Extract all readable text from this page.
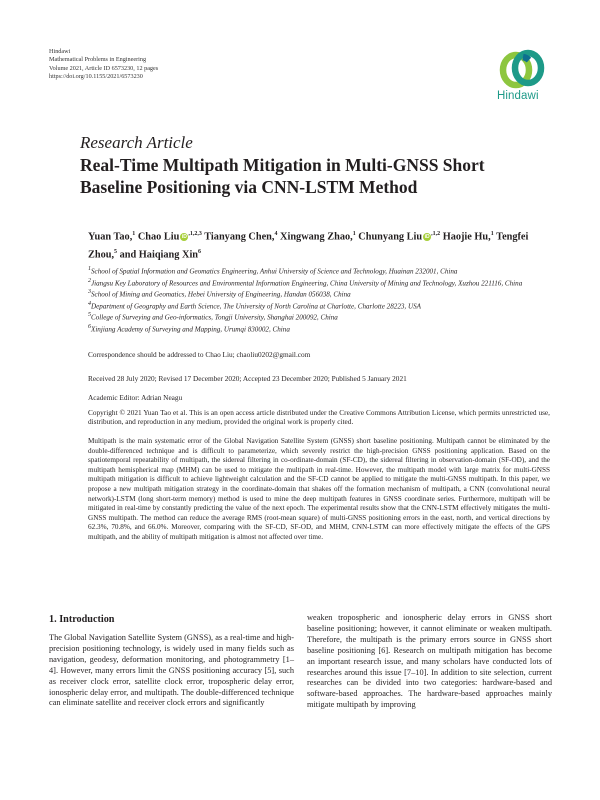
Hindawi
Mathematical Problems in Engineering
Volume 2021, Article ID 6573230, 12 pages
https://doi.org/10.1155/2021/6573230
Hindawi
Research Article
Real-Time Multipath Mitigation in Multi-GNSS Short Baseline Positioning via CNN-LSTM Method
Yuan Tao,$^1$ Chao Liu $iD^{,1,2,3}$ Tianyang Chen,$^4$ Xingwang Zhao,$^1$ Chunyang Liu $iD^{,1,2}$ Haojie Hu,$^1$ Tengfei Zhou,$^5$ and Haiqiang Xin$^6$

$^1$School of Spatial Information and Geomatics Engineering, Anhui University of Science and Technology, Huainan 232001, China

$^2$Jiangsu Key Laboratory of Resources and Environmental Information Engineering, China University of Mining and Technology, Xuzhou 221116, China

$^3$School of Mining and Geomatics, Hebei University of Engineering, Handan 056038, China

$^4$Department of Geography and Earth Science, The University of North Carolina at Charlotte, Charlotte 28223, USA

$^5$College of Surveying and Geo-informatics, Tongji University, Shanghai 200092, China

$^6$Xinjiang Academy of Surveying and Mapping, Urumqi 830002, China

Correspondence should be addressed to Chao Liu; chaoliu0202@gmail.com
Received 28 July 2020; Revised 17 December 2020; Accepted 23 December 2020; Published 5 January 2021
Academic Editor: Adrian Neagu
Copyright © 2021 Yuan Tao et al. This is an open access article distributed under the Creative Commons Attribution License, which permits unrestricted use, distribution, and reproduction in any medium, provided the original work is properly cited.

Multipath is the main systematic error of the Global Navigation Satellite System (GNSS) short baseline positioning. Multipath cannot be eliminated by the double-differenced technique and is difficult to parameterize, which severely restrict the high-precision GNSS positioning application. Based on the spatiotemporal repeatability of multipath, the sidereal filtering in co-ordinate-domain (SF-CD), the sidereal filtering in observation-domain (SF-OD), and the multipath hemispherical map (MHM) can be used to mitigate the multipath in real-time. However, the multipath model with large matrix for multi-GNSS multipath mitigation is difficult to achieve lightweight calculation and the SF-CD cannot be applied to mitigate the multi-GNSS multipath. In this paper, we propose a new multipath mitigation strategy in the coordinate-domain that shakes off the formation mechanism of multipath, a CNN (convolutional neural network)-LSTM (long short-term memory) method is used to mine the deep multipath features in GNSS coordinate series. Furthermore, multipath will be mitigated in real-time by constantly predicting the value of the next epoch. The experimental results show that the CNN-LSTM effectively mitigates the multi-GNSS multipath. The method can reduce the average RMS (root-mean square) of multi-GNSS positioning errors in the east, north, and vertical directions by 62.3%, 70.8%, and 66.0%. Moreover, comparing with the SF-CD, SF-OD, and MHM, CNN-LSTM can more effectively mitigate the effects of the GPS multipath, and the ability of multipath mitigation is almost not affected over time.

1. Introduction

The Global Navigation Satellite System (GNSS), as a real-time and high-precision positioning technology, is widely used in many fields such as navigation, geodesy, deformation monitoring, and photogrammetry [1–4]. However, many errors limit the GNSS positioning accuracy [5], such as receiver clock error, satellite clock error, tropospheric delay error, ionospheric delay error, and multipath. The double-differenced technique can eliminate satellite and receiver clock errors and significantly

weaken tropospheric and ionospheric delay errors in GNSS short baseline positioning; however, it cannot eliminate or weaken multipath. Therefore, the multipath is the primary errors source in GNSS short baseline positioning [6]. Research on multipath mitigation has become an important research issue, and many scholars have conducted lots of researches around this issue [7–10]. In addition to site selection, current researches can be divided into two categories: hardware-based and software-based approaches. The hardware-based approaches mainly mitigate multipath by improving
